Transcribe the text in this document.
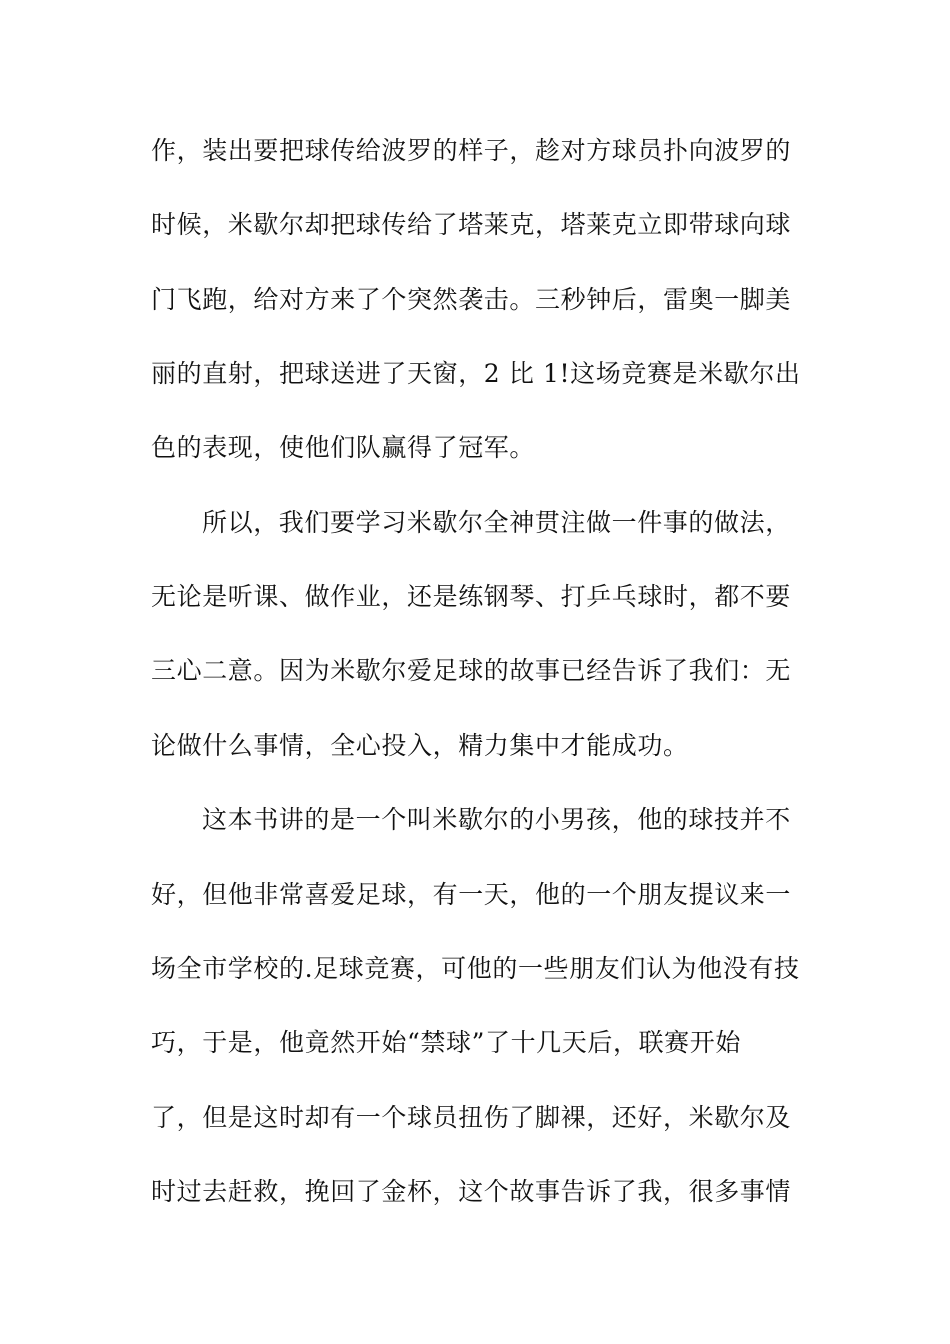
作，装出要把球传给波罗的样子，趁对方球员扑向波罗的
时候，米歇尔却把球传给了塔莱克，塔莱克立即带球向球
门飞跑，给对方来了个突然袭击。三秒钟后，雷奥一脚美
丽的直射，把球送进了天窗，2 比 1!这场竞赛是米歇尔出
色的表现，使他们队赢得了冠军。
所以，我们要学习米歇尔全神贯注做一件事的做法，
无论是听课、做作业，还是练钢琴、打乒乓球时，都不要
三心二意。因为米歇尔爱足球的故事已经告诉了我们：无
论做什么事情，全心投入，精力集中才能成功。
这本书讲的是一个叫米歇尔的小男孩，他的球技并不
好，但他非常喜爱足球，有一天，他的一个朋友提议来一
场全市学校的.足球竞赛，可他的一些朋友们认为他没有技
巧，于是，他竟然开始“禁球”了十几天后，联赛开始
了，但是这时却有一个球员扭伤了脚裸，还好，米歇尔及
时过去赶救，挽回了金杯，这个故事告诉了我，很多事情
